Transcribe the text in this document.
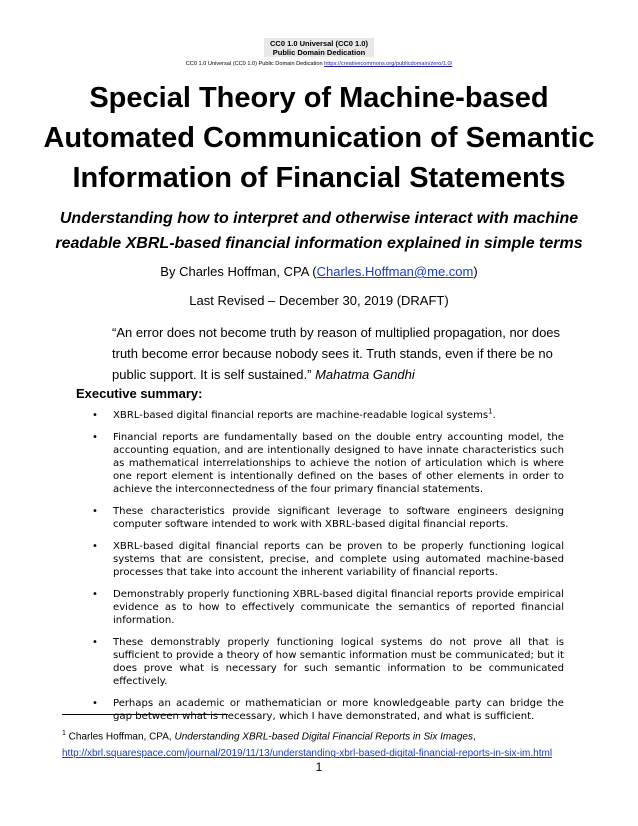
CC0 1.0 Universal (CC0 1.0)
Public Domain Dedication
CC0 1.0 Universal (CC0 1.0) Public Domain Dedication https://creativecommons.org/publicdomain/zero/1.0/
Special Theory of Machine-based Automated Communication of Semantic Information of Financial Statements
Understanding how to interpret and otherwise interact with machine readable XBRL-based financial information explained in simple terms
By Charles Hoffman, CPA (Charles.Hoffman@me.com)
Last Revised – December 30, 2019 (DRAFT)
“An error does not become truth by reason of multiplied propagation, nor does truth become error because nobody sees it. Truth stands, even if there be no public support. It is self sustained.” Mahatma Gandhi
Executive summary:
• XBRL-based digital financial reports are machine-readable logical systems$^1$.
• Financial reports are fundamentally based on the double entry accounting model, the accounting equation, and are intentionally designed to have innate characteristics such as mathematical interrelationships to achieve the notion of articulation which is where one report element is intentionally defined on the bases of other elements in order to achieve the interconnectedness of the four primary financial statements.
• These characteristics provide significant leverage to software engineers designing computer software intended to work with XBRL-based digital financial reports.
• XBRL-based digital financial reports can be proven to be properly functioning logical systems that are consistent, precise, and complete using automated machine-based processes that take into account the inherent variability of financial reports.
• Demonstrably properly functioning XBRL-based digital financial reports provide empirical evidence as to how to effectively communicate the semantics of reported financial information.
• These demonstrably properly functioning logical systems do not prove all that is sufficient to provide a theory of how semantic information must be communicated; but it does prove what is necessary for such semantic information to be communicated effectively.
• Perhaps an academic or mathematician or more knowledgeable party can bridge the gap between what is necessary, which I have demonstrated, and what is sufficient.
$^1$ Charles Hoffman, CPA, Understanding XBRL-based Digital Financial Reports in Six Images,
http://xbrl.squarespace.com/journal/2019/11/13/understanding-xbrl-based-digital-financial-reports-in-six-im.html
1
